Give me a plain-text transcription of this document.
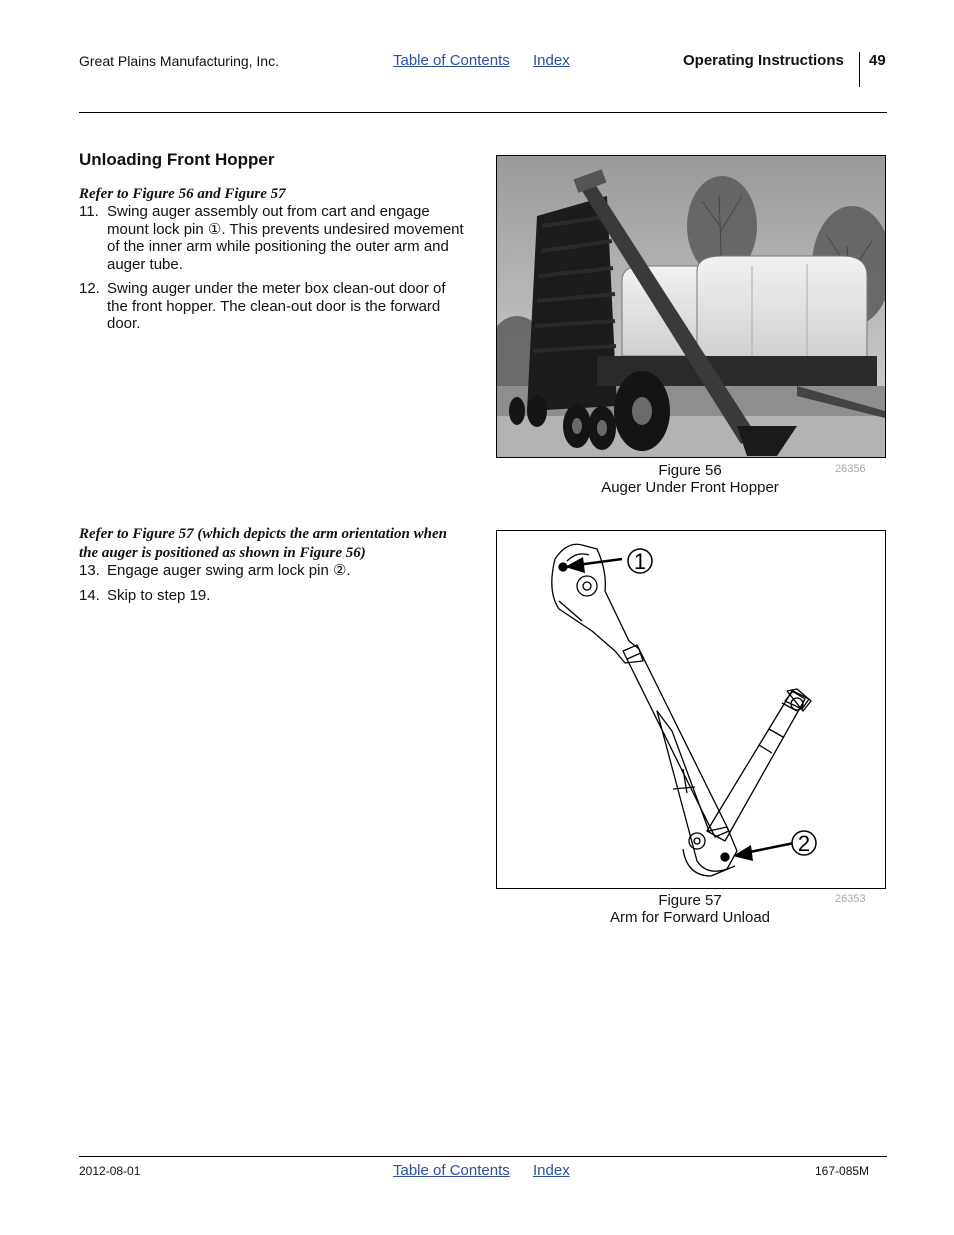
Great Plains Manufacturing, Inc.	Table of Contents Index	Operating Instructions 49
Unloading Front Hopper
Refer to Figure 56 and Figure 57
11. Swing auger assembly out from cart and engage mount lock pin ①. This prevents undesired movement of the inner arm while positioning the outer arm and auger tube.
12. Swing auger under the meter box clean-out door of the front hopper. The clean-out door is the forward door.
Refer to Figure 57 (which depicts the arm orientation when the auger is positioned as shown in Figure 56)
13. Engage auger swing arm lock pin ②.
14. Skip to step 19.
Figure 56
Auger Under Front Hopper
26356
1
2
Figure 57
Arm for Forward Unload
26353
2012-08-01	Table of Contents Index	167-085M
